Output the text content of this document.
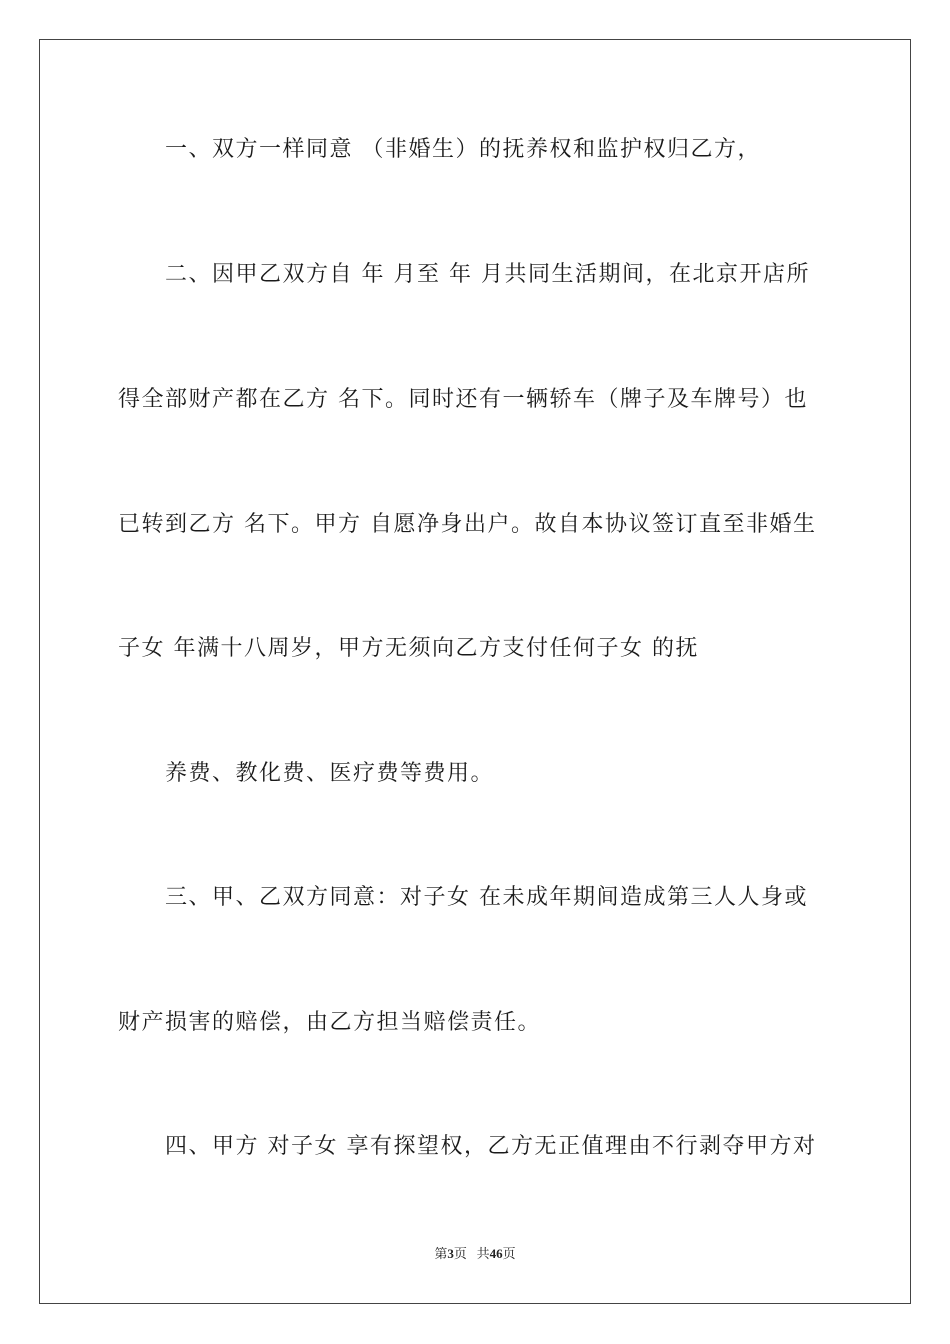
一、双方一样同意 （非婚生）的抚养权和监护权归乙方，
二、因甲乙双方自 年 月至 年 月共同生活期间，在北京开店所
得全部财产都在乙方 名下。同时还有一辆轿车（牌子及车牌号）也
已转到乙方 名下。甲方 自愿净身出户。故自本协议签订直至非婚生
子女 年满十八周岁，甲方无须向乙方支付任何子女 的抚
养费、教化费、医疗费等费用。
三、甲、乙双方同意：对子女 在未成年期间造成第三人人身或
财产损害的赔偿，由乙方担当赔偿责任。
四、甲方 对子女 享有探望权，乙方无正值理由不行剥夺甲方对
第3页 共46页
